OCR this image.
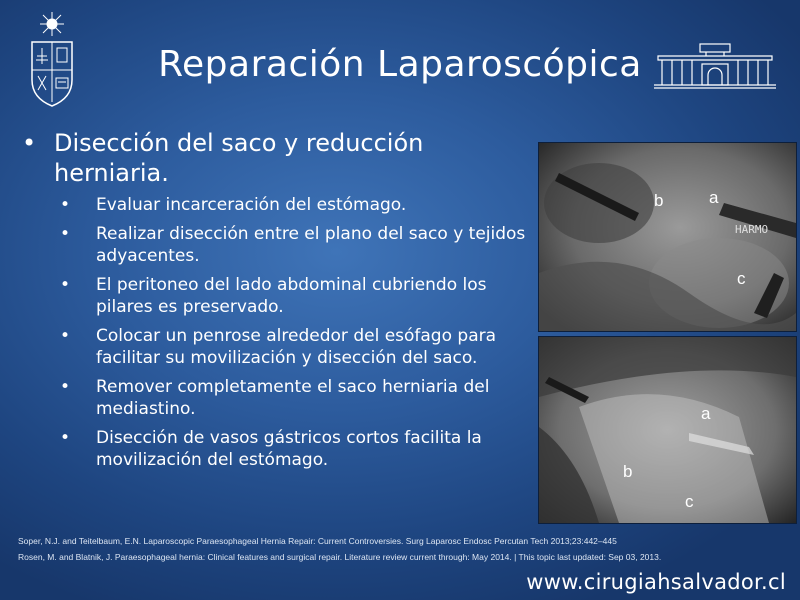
Reparación Laparoscópica
• Disección del saco y reducción herniaria.
•	Evaluar incarceración del estómago.
•	Realizar disección entre el plano del saco y tejidos adyacentes.
•	El peritoneo del lado abdominal cubriendo los pilares es preservado.
•	Colocar un penrose alrededor del esófago para facilitar su movilización y disección del saco.
•	Remover completamente el saco herniaria del mediastino.
•	Disección de vasos gástricos cortos facilita la movilización del estómago.
HARMO
b	a
c
a
b
c
Soper, N.J. and Teitelbaum, E.N. Laparoscopic Paraesophageal Hernia Repair: Current Controversies. Surg Laparosc Endosc Percutan Tech 2013;23:442–445
Rosen, M. and Blatnik, J. Paraesophageal hernia: Clinical features and surgical repair. Literature review current through: May 2014. | This topic last updated: Sep 03, 2013.
www.cirugiahsalvador.cl
